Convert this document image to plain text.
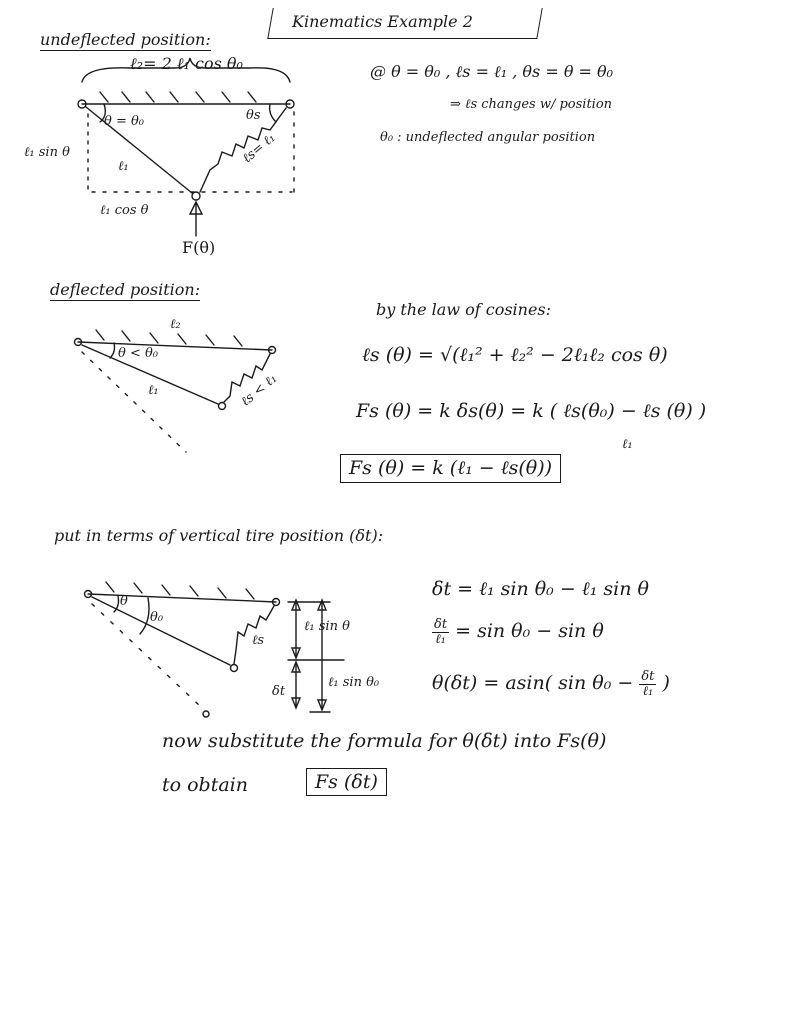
Kinematics Example 2
undeflected position:
ℓ₂= 2 ℓ₁ cos θ₀
ℓ₁ sin θ
θ = θ₀	θs
ℓ₁
ℓs= ℓ₁
ℓ₁ cos θ
F(θ)
@ θ = θ₀ , ℓs = ℓ₁ , θs = θ = θ₀
⇒ ℓs changes w/ position
θ₀ : undeflected angular position
deflected position:
ℓ₂
θ < θ₀
ℓ₁	ℓs < ℓ₁
by the law of cosines:
ℓs (θ) = √(ℓ₁² + ℓ₂² − 2ℓ₁ℓ₂ cos θ)
Fs (θ) = k δs(θ) = k ( ℓs(θ₀) − ℓs (θ) )
ℓ₁
Fs (θ) = k (ℓ₁ − ℓs(θ))
put in terms of vertical tire position (δt):
θ
θ₀
ℓs
ℓ₁ sin θ
δt
ℓ₁ sin θ₀
δt = ℓ₁ sin θ₀ − ℓ₁ sin θ
$\frac{\delta t}{\text{ℓ₁}} = \sin \theta_0 - \sin \theta$
θ(δt) = asin( $\sin \theta_0 - \frac{\delta t}{\text{ℓ₁}}$ )
now substitute the formula for θ(δt) into Fs(θ)
to obtain	Fs (δt)
